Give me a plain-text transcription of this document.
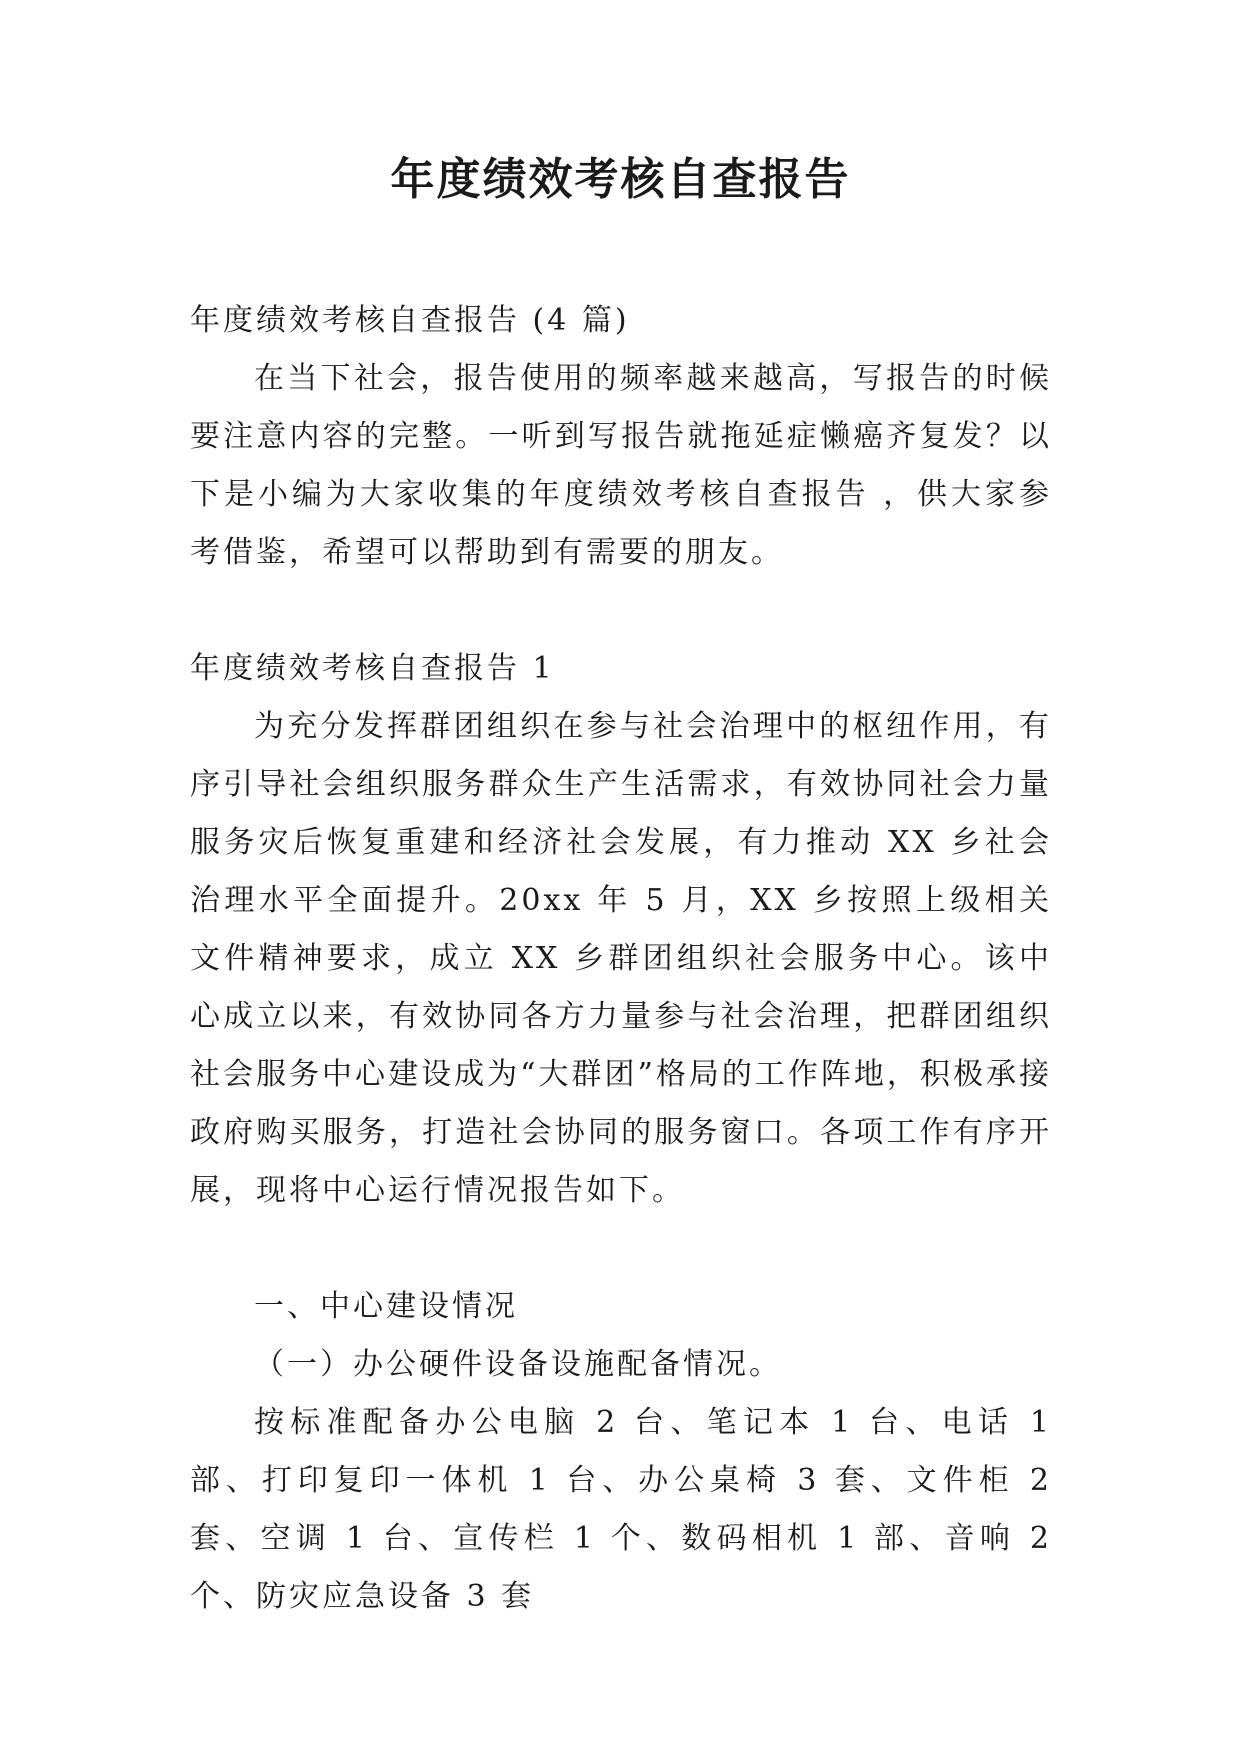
年度绩效考核自查报告

年度绩效考核自查报告 (4 篇)

在当下社会，报告使用的频率越来越高，写报告的时候要注意内容的完整。一听到写报告就拖延症懒癌齐复发？以下是小编为大家收集的年度绩效考核自查报告 ，供大家参考借鉴，希望可以帮助到有需要的朋友。

年度绩效考核自查报告 1

为充分发挥群团组织在参与社会治理中的枢纽作用，有序引导社会组织服务群众生产生活需求，有效协同社会力量服务灾后恢复重建和经济社会发展，有力推动 XX 乡社会治理水平全面提升。20xx 年 5 月，XX 乡按照上级相关文件精神要求，成立 XX 乡群团组织社会服务中心。该中心成立以来，有效协同各方力量参与社会治理，把群团组织社会服务中心建设成为“大群团”格局的工作阵地，积极承接政府购买服务，打造社会协同的服务窗口。各项工作有序开展，现将中心运行情况报告如下。

一、中心建设情况

（一）办公硬件设备设施配备情况。

按标准配备办公电脑 2 台、笔记本 1 台、电话 1 部、打印复印一体机 1 台、办公桌椅 3 套、文件柜 2 套、空调 1 台、宣传栏 1 个、数码相机 1 部、音响 2 个、防灾应急设备 3 套
